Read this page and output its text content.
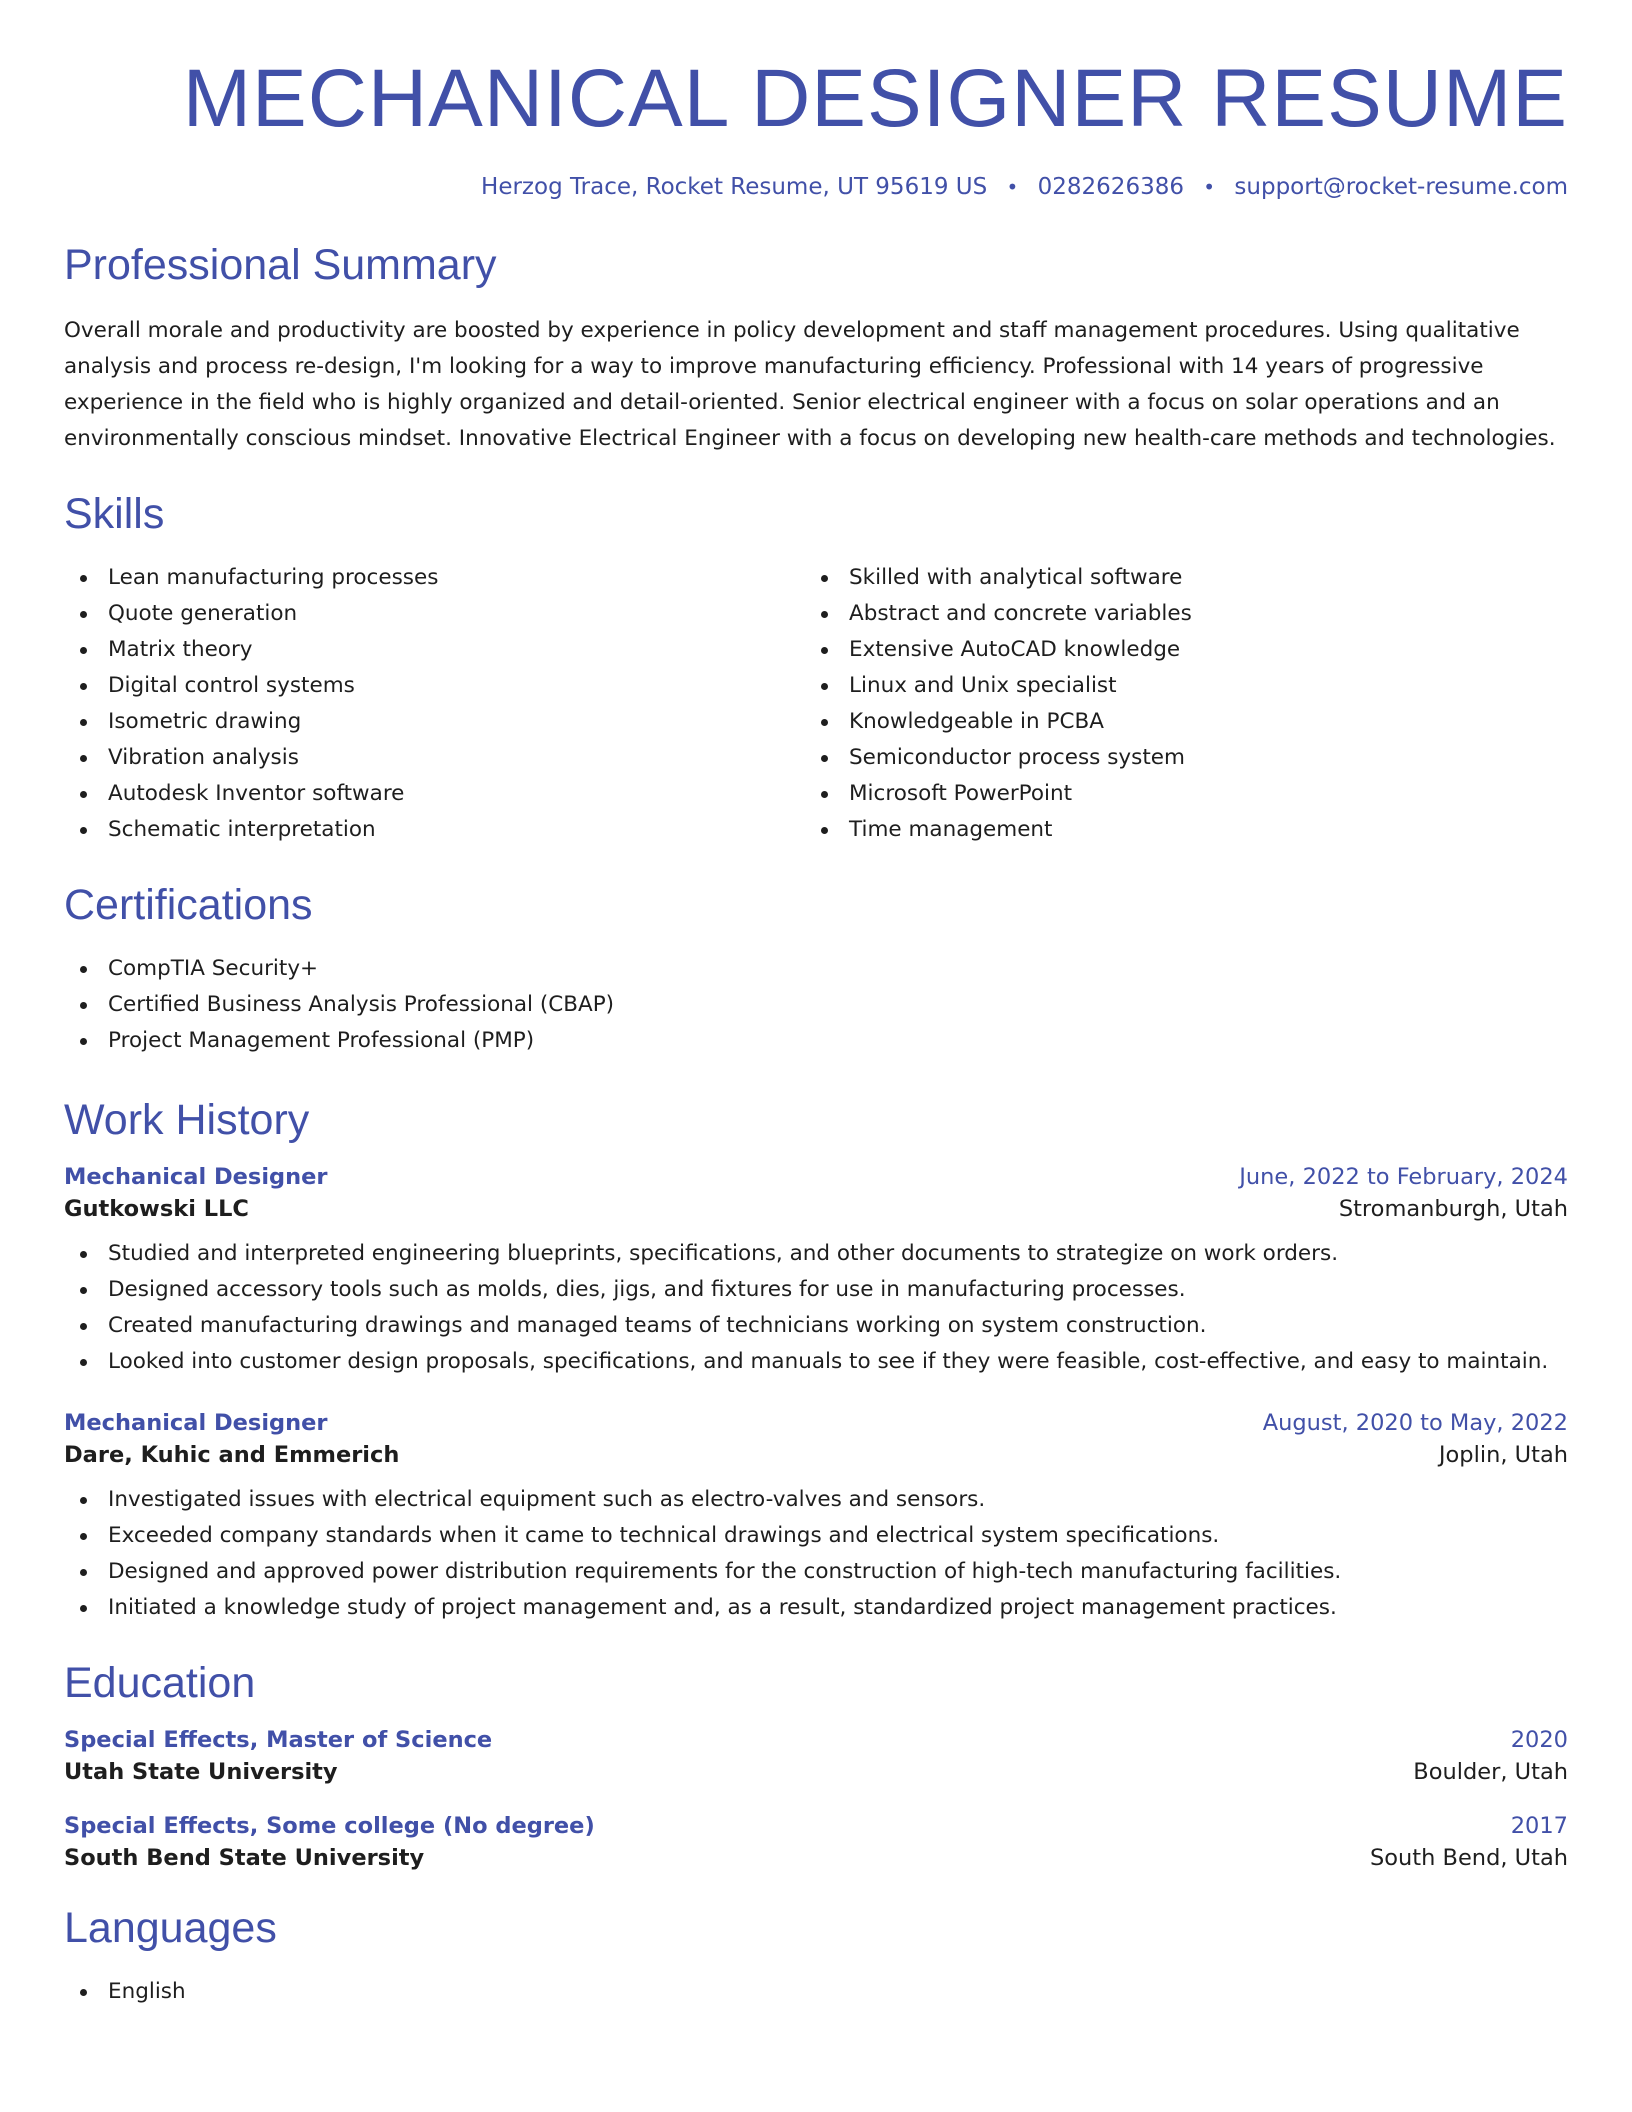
MECHANICAL DESIGNER RESUME
Herzog Trace, Rocket Resume, UT 95619 US • 0282626386 • support@rocket-resume.com
Professional Summary

Overall morale and productivity are boosted by experience in policy development and staff management procedures. Using qualitative analysis and process re-design, I'm looking for a way to improve manufacturing efficiency. Professional with 14 years of progressive experience in the field who is highly organized and detail-oriented. Senior electrical engineer with a focus on solar operations and an environmentally conscious mindset. Innovative Electrical Engineer with a focus on developing new health-care methods and technologies.

Skills
Lean manufacturing processes
Quote generation
Matrix theory
Digital control systems
Isometric drawing
Vibration analysis
Autodesk Inventor software
Schematic interpretation
Skilled with analytical software
Abstract and concrete variables
Extensive AutoCAD knowledge
Linux and Unix specialist
Knowledgeable in PCBA
Semiconductor process system
Microsoft PowerPoint
Time management
Certifications
CompTIA Security+
Certified Business Analysis Professional (CBAP)
Project Management Professional (PMP)
Work History
Mechanical Designer	June, 2022 to February, 2024
Gutkowski LLC	Stromanburgh, Utah
Studied and interpreted engineering blueprints, specifications, and other documents to strategize on work orders.
Designed accessory tools such as molds, dies, jigs, and fixtures for use in manufacturing processes.
Created manufacturing drawings and managed teams of technicians working on system construction.
Looked into customer design proposals, specifications, and manuals to see if they were feasible, cost-effective, and easy to maintain.
Mechanical Designer	August, 2020 to May, 2022
Dare, Kuhic and Emmerich	Joplin, Utah
Investigated issues with electrical equipment such as electro-valves and sensors.
Exceeded company standards when it came to technical drawings and electrical system specifications.
Designed and approved power distribution requirements for the construction of high-tech manufacturing facilities.
Initiated a knowledge study of project management and, as a result, standardized project management practices.
Education
Special Effects, Master of Science	2020
Utah State University	Boulder, Utah
Special Effects, Some college (No degree)	2017
South Bend State University	South Bend, Utah
Languages
English
